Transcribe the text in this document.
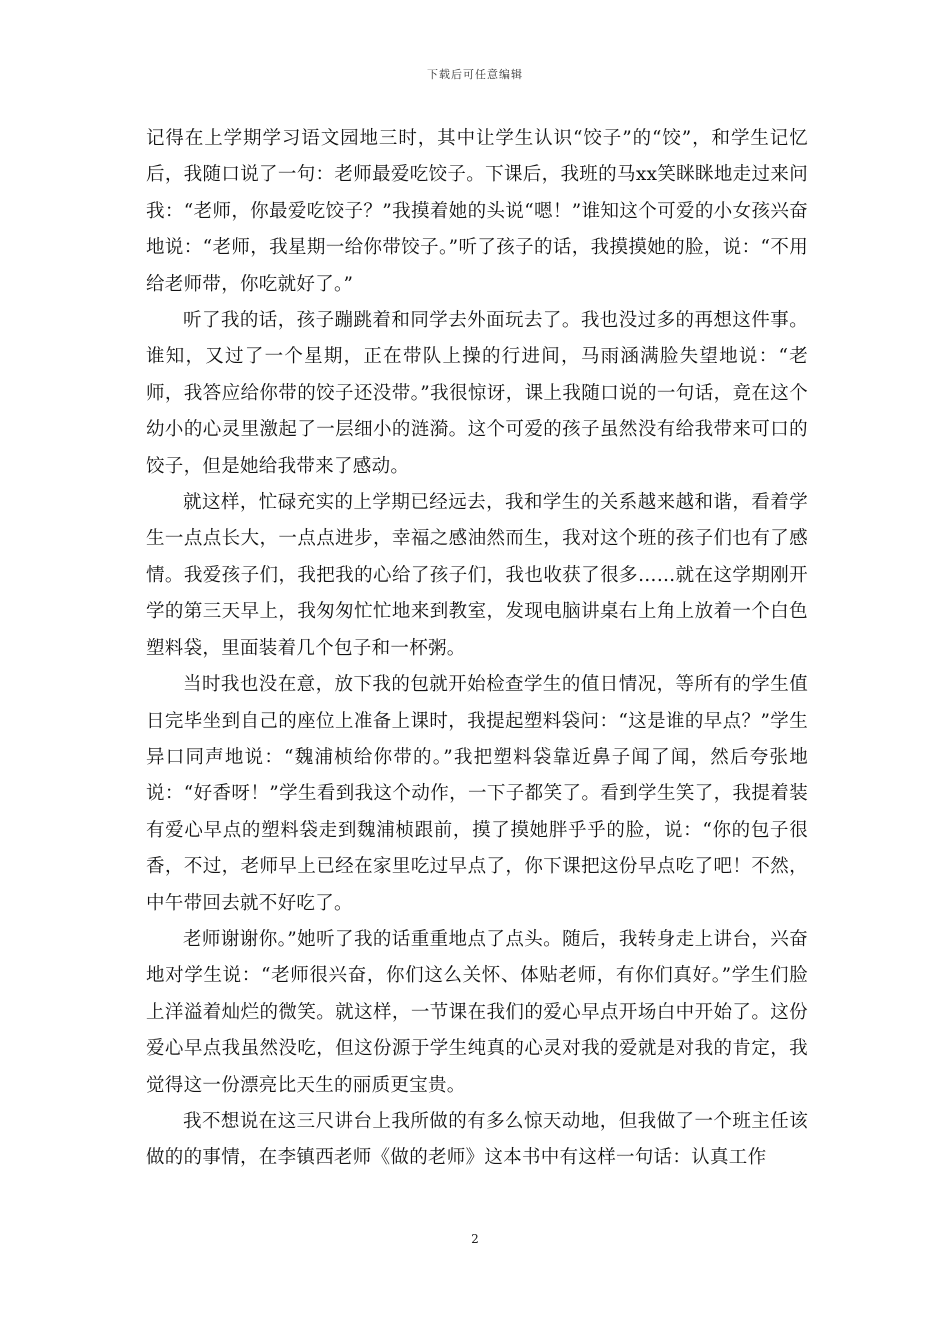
下载后可任意编辑

记得在上学期学习语文园地三时，其中让学生认识“饺子”的“饺”，和学生记忆后，我随口说了一句：老师最爱吃饺子。下课后，我班的马xx笑眯眯地走过来问我：“老师，你最爱吃饺子？”我摸着她的头说“嗯！”谁知这个可爱的小女孩兴奋地说：“老师，我星期一给你带饺子。”听了孩子的话，我摸摸她的脸，说：“不用给老师带，你吃就好了。”

听了我的话，孩子蹦跳着和同学去外面玩去了。我也没过多的再想这件事。谁知，又过了一个星期，正在带队上操的行进间，马雨涵满脸失望地说：“老师，我答应给你带的饺子还没带。”我很惊讶，课上我随口说的一句话，竟在这个幼小的心灵里激起了一层细小的涟漪。这个可爱的孩子虽然没有给我带来可口的饺子，但是她给我带来了感动。

就这样，忙碌充实的上学期已经远去，我和学生的关系越来越和谐，看着学生一点点长大，一点点进步，幸福之感油然而生，我对这个班的孩子们也有了感情。我爱孩子们，我把我的心给了孩子们，我也收获了很多……就在这学期刚开学的第三天早上，我匆匆忙忙地来到教室，发现电脑讲桌右上角上放着一个白色塑料袋，里面装着几个包子和一杯粥。

当时我也没在意，放下我的包就开始检查学生的值日情况，等所有的学生值日完毕坐到自己的座位上准备上课时，我提起塑料袋问：“这是谁的早点？”学生异口同声地说：“魏浦桢给你带的。”我把塑料袋靠近鼻子闻了闻，然后夸张地说：“好香呀！”学生看到我这个动作，一下子都笑了。看到学生笑了，我提着装有爱心早点的塑料袋走到魏浦桢跟前，摸了摸她胖乎乎的脸，说：“你的包子很香，不过，老师早上已经在家里吃过早点了，你下课把这份早点吃了吧！不然，中午带回去就不好吃了。

老师谢谢你。”她听了我的话重重地点了点头。随后，我转身走上讲台，兴奋地对学生说：“老师很兴奋，你们这么关怀、体贴老师，有你们真好。”学生们脸上洋溢着灿烂的微笑。就这样，一节课在我们的爱心早点开场白中开始了。这份爱心早点我虽然没吃，但这份源于学生纯真的心灵对我的爱就是对我的肯定，我觉得这一份漂亮比天生的丽质更宝贵。

我不想说在这三尺讲台上我所做的有多么惊天动地，但我做了一个班主任该做的的事情，在李镇西老师《做的老师》这本书中有这样一句话：认真工作

2
